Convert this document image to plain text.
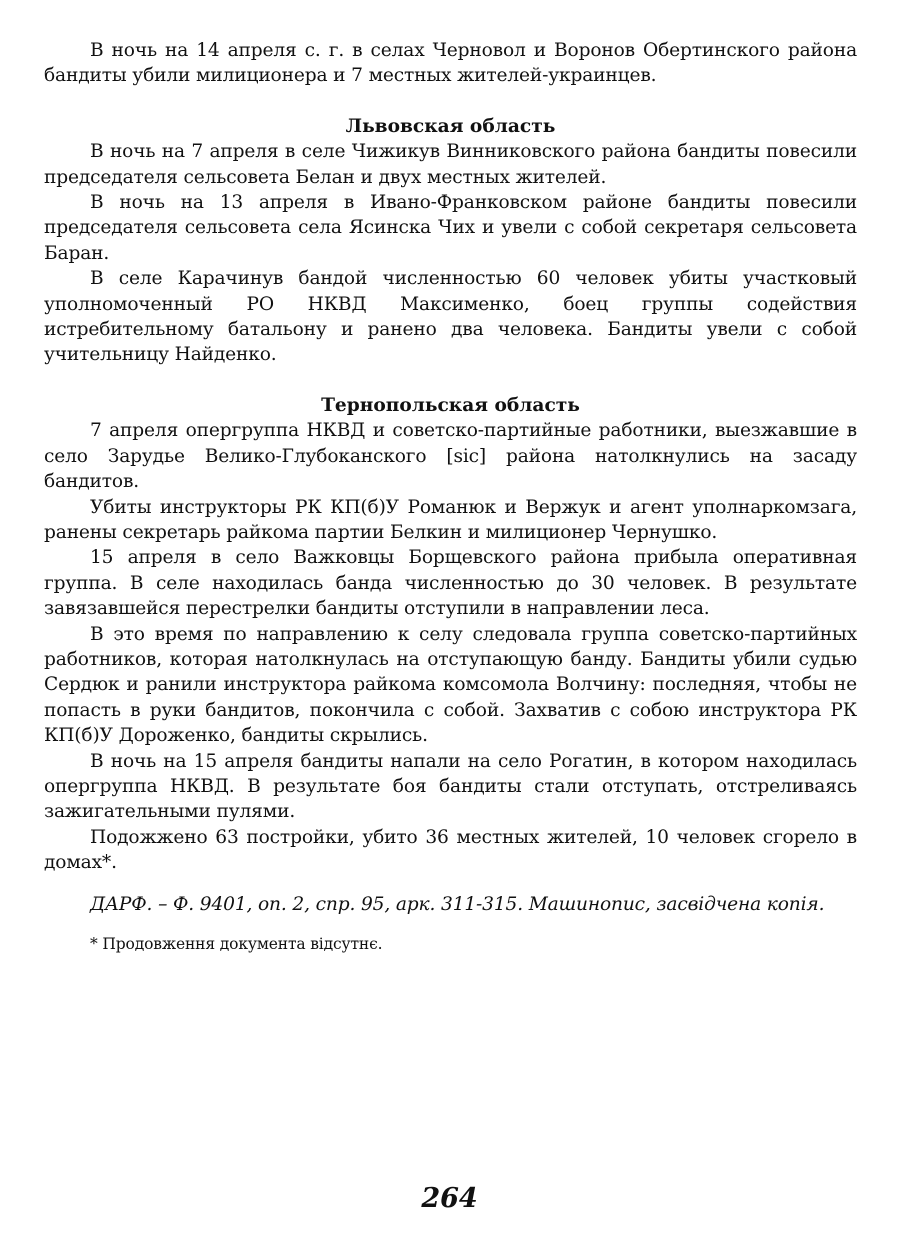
В ночь на 14 апреля с. г. в селах Черновол и Воронов Обертинского района бандиты убили милиционера и 7 местных жителей-украинцев.

Львовская область

В ночь на 7 апреля в селе Чижикув Винниковского района бандиты повесили председателя сельсовета Белан и двух местных жителей.

В ночь на 13 апреля в Ивано-Франковском районе бандиты повесили председателя сельсовета села Ясинска Чих и увели с собой секретаря сельсовета Баран.

В селе Карачинув бандой численностью 60 человек убиты участковый уполномоченный РО НКВД Максименко, боец группы содействия истребительному батальону и ранено два человека. Бандиты увели с собой учительницу Найденко.

Тернопольская область

7 апреля опергруппа НКВД и советско-партийные работники, выезжавшие в село Зарудье Велико-Глубоканского [sic] района натолкнулись на засаду бандитов.

Убиты инструкторы РК КП(б)У Романюк и Вержук и агент уполнаркомзага, ранены секретарь райкома партии Белкин и милиционер Чернушко.

15 апреля в село Важковцы Борщевского района прибыла оперативная группа. В селе находилась банда численностью до 30 человек. В результате завязавшейся перестрелки бандиты отступили в направлении леса.

В это время по направлению к селу следовала группа советско-партийных работников, которая натолкнулась на отступающую банду. Бандиты убили судью Сердюк и ранили инструктора райкома комсомола Волчину: последняя, чтобы не попасть в руки бандитов, покончила с собой. Захватив с собою инструктора РК КП(б)У Дороженко, бандиты скрылись.

В ночь на 15 апреля бандиты напали на село Рогатин, в котором находилась опергруппа НКВД. В результате боя бандиты стали отступать, отстреливаясь зажигательными пулями.

Подожжено 63 постройки, убито 36 местных жителей, 10 человек сгорело в домах*.

ДАРФ. – Ф. 9401, оп. 2, спр. 95, арк. 311-315. Машинопис, засвідчена копія.

* Продовження документа відсутнє.

264
